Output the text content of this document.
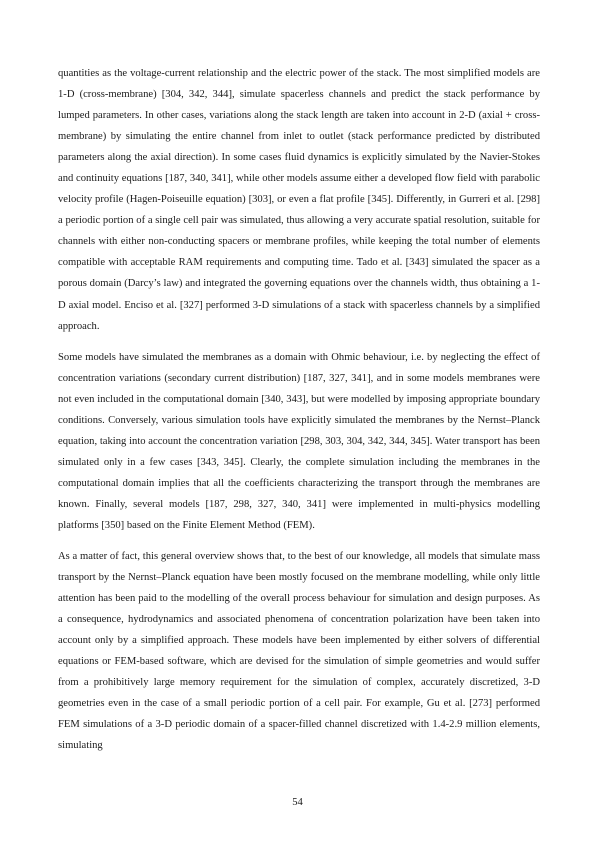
quantities as the voltage-current relationship and the electric power of the stack. The most simplified models are 1-D (cross-membrane) [304, 342, 344], simulate spacerless channels and predict the stack performance by lumped parameters. In other cases, variations along the stack length are taken into account in 2-D (axial + cross-membrane) by simulating the entire channel from inlet to outlet (stack performance predicted by distributed parameters along the axial direction). In some cases fluid dynamics is explicitly simulated by the Navier-Stokes and continuity equations [187, 340, 341], while other models assume either a developed flow field with parabolic velocity profile (Hagen-Poiseuille equation) [303], or even a flat profile [345]. Differently, in Gurreri et al. [298] a periodic portion of a single cell pair was simulated, thus allowing a very accurate spatial resolution, suitable for channels with either non-conducting spacers or membrane profiles, while keeping the total number of elements compatible with acceptable RAM requirements and computing time. Tado et al. [343] simulated the spacer as a porous domain (Darcy’s law) and integrated the governing equations over the channels width, thus obtaining a 1-D axial model. Enciso et al. [327] performed 3-D simulations of a stack with spacerless channels by a simplified approach.

Some models have simulated the membranes as a domain with Ohmic behaviour, i.e. by neglecting the effect of concentration variations (secondary current distribution) [187, 327, 341], and in some models membranes were not even included in the computational domain [340, 343], but were modelled by imposing appropriate boundary conditions. Conversely, various simulation tools have explicitly simulated the membranes by the Nernst–Planck equation, taking into account the concentration variation [298, 303, 304, 342, 344, 345]. Water transport has been simulated only in a few cases [343, 345]. Clearly, the complete simulation including the membranes in the computational domain implies that all the coefficients characterizing the transport through the membranes are known. Finally, several models [187, 298, 327, 340, 341] were implemented in multi-physics modelling platforms [350] based on the Finite Element Method (FEM).

As a matter of fact, this general overview shows that, to the best of our knowledge, all models that simulate mass transport by the Nernst–Planck equation have been mostly focused on the membrane modelling, while only little attention has been paid to the modelling of the overall process behaviour for simulation and design purposes. As a consequence, hydrodynamics and associated phenomena of concentration polarization have been taken into account only by a simplified approach. These models have been implemented by either solvers of differential equations or FEM-based software, which are devised for the simulation of simple geometries and would suffer from a prohibitively large memory requirement for the simulation of complex, accurately discretized, 3-D geometries even in the case of a small periodic portion of a cell pair. For example, Gu et al. [273] performed FEM simulations of a 3-D periodic domain of a spacer-filled channel discretized with 1.4-2.9 million elements, simulating

54
